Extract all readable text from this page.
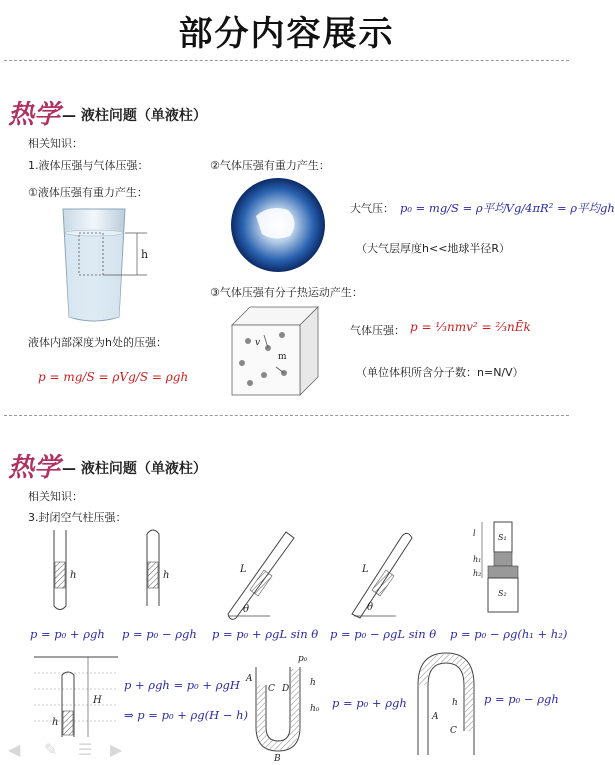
部分内容展示
热学 — 液柱问题（单液柱）
相关知识：
1.液体压强与气体压强：
①液体压强有重力产生：
h
液体内部深度为h处的压强：
p = mg/S = ρVg/S = ρgh
②气体压强有重力产生：
大气压： p₀ = mg/S = ρ平均Vg/4πR² = ρ平均gh
（大气层厚度h<<地球半径R）
③气体压强有分子热运动产生：
v
m
气体压强： p = ⅓nmv² = ⅔nĒk
（单位体积所含分子数：n=N/V）
热学 — 液柱问题（单液柱）
相关知识：
3.封闭空气柱压强：
h	h
L
θ
L
θ
l
h₁
h₂
S₁
S₂
p = p₀ + ρgh p = p₀ − ρgh p = p₀ + ρgL sin θ p = p₀ − ρgL sin θ p = p₀ − ρg(h₁ + h₂)
H
h
p₀
A
C D
B
h
h₀
A
C
h
p + ρgh = p₀ + ρgH
⇒ p = p₀ + ρg(H − h)
p = p₀ + ρgh	p = p₀ − ρgh
◀ ✎ ☰ ▶
